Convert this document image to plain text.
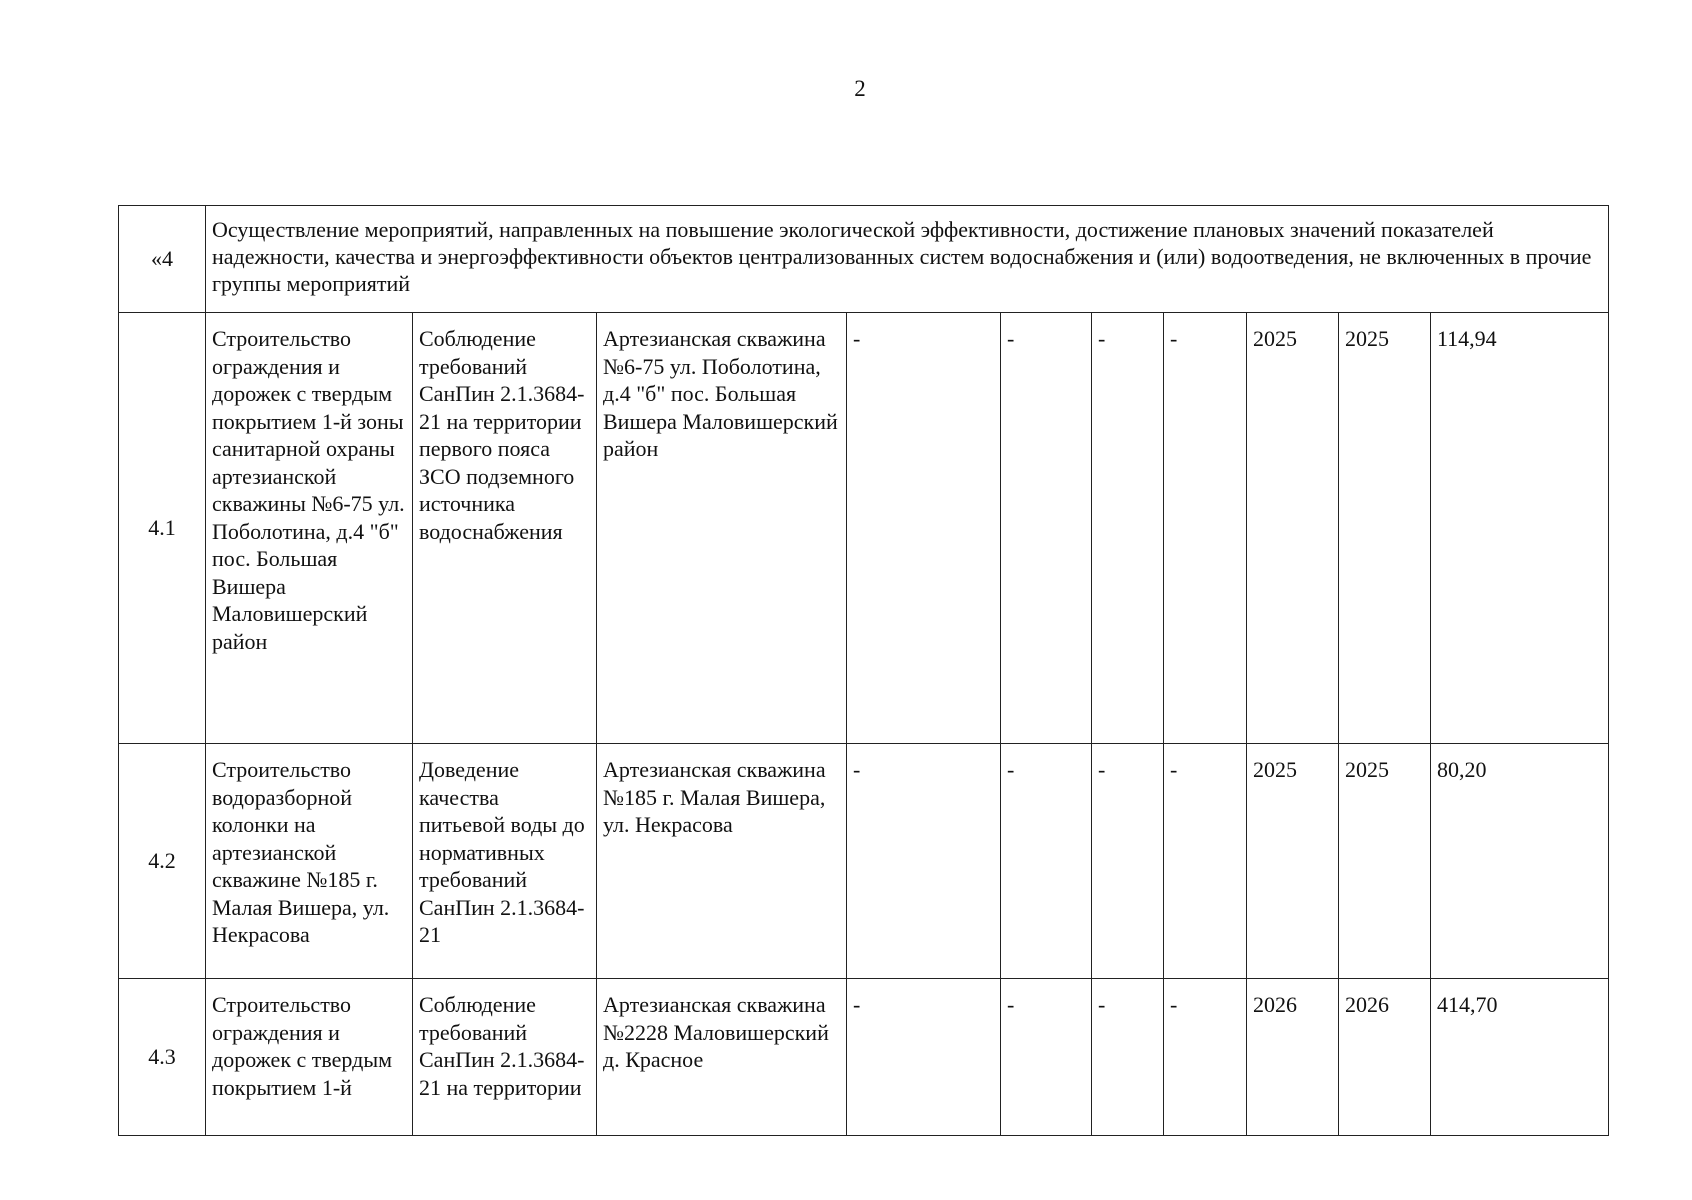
2
«4	Осуществление мероприятий, направленных на повышение экологической эффективности, достижение плановых значений показателей надежности, качества и энергоэффективности объектов централизованных систем водоснабжения и (или) водоотведения, не включенных в прочие группы мероприятий									
4.1	Строительство ограждения и дорожек с твердым покрытием 1-й зоны санитарной охраны артезианской скважины №6-75 ул. Поболотина, д.4 "б" пос. Большая Вишера Маловишерский район	Соблюдение требований СанПин 2.1.3684-21 на территории первого пояса ЗСО подземного источника водоснабжения	Артезианская скважина №6-75 ул. Поболотина, д.4 "б" пос. Большая Вишера Маловишерский район	-	-	-	-	2025	2025	114,94
4.2	Строительство водоразборной колонки на артезианской скважине №185 г. Малая Вишера, ул. Некрасова	Доведение качества питьевой воды до нормативных требований СанПин 2.1.3684-21	Артезианская скважина №185 г. Малая Вишера, ул. Некрасова	-	-	-	-	2025	2025	80,20
4.3	Строительство ограждения и дорожек с твердым покрытием 1-й	Соблюдение требований СанПин 2.1.3684-21 на территории	Артезианская скважина №2228 Маловишерский д. Красное	-	-	-	-	2026	2026	414,70
